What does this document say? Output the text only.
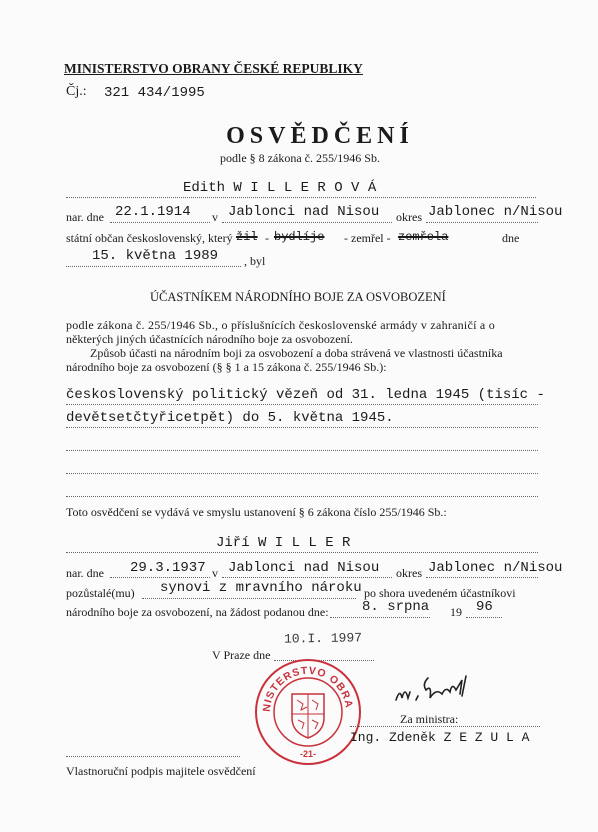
MINISTERSTVO OBRANY ČESKÉ REPUBLIKY
Čj.: 321 434/1995
OSVĚDČENÍ
podle § 8 zákona č. 255/1946 Sb.
Edith W I L L E R O V Á
nar. dne 22.1.1914 v Jablonci nad Nisou okres Jablonec n/Nisou
státní občan československý, který žil - bydlíje - zemřel - zemřela	dne
15. května 1989 , byl
ÚČASTNÍKEM NÁRODNÍHO BOJE ZA OSVOBOZENÍ
podle zákona č. 255/1946 Sb., o příslušnících československé armády v zahraničí a o
některých jiných účastnících národního boje za osvobození.
Způsob účasti na národním boji za osvobození a doba strávená ve vlastnosti účastníka
národního boje za osvobození (§ § 1 a 15 zákona č. 255/1946 Sb.):
československý politický vězeň od 31. ledna 1945 (tisíc -
devětsetčtyřicetpět) do 5. května 1945.
Toto osvědčení se vydává ve smyslu ustanovení § 6 zákona číslo 255/1946 Sb.:
Jiří W I L L E R
nar. dne 29.3.1937 v Jablonci nad Nisou okres Jablonec n/Nisou
pozůstalé(mu) synovi z mravního nároku po shora uvedeném účastníkovi
národního boje za osvobození, na žádost podanou dne: 8. srpna 19 96
10.I. 1997
V Praze dne
NISTERSTVO OBRA
-21-
Za ministra:
Ing. Zdeněk Z E Z U L A
Vlastnoruční podpis majitele osvědčení
